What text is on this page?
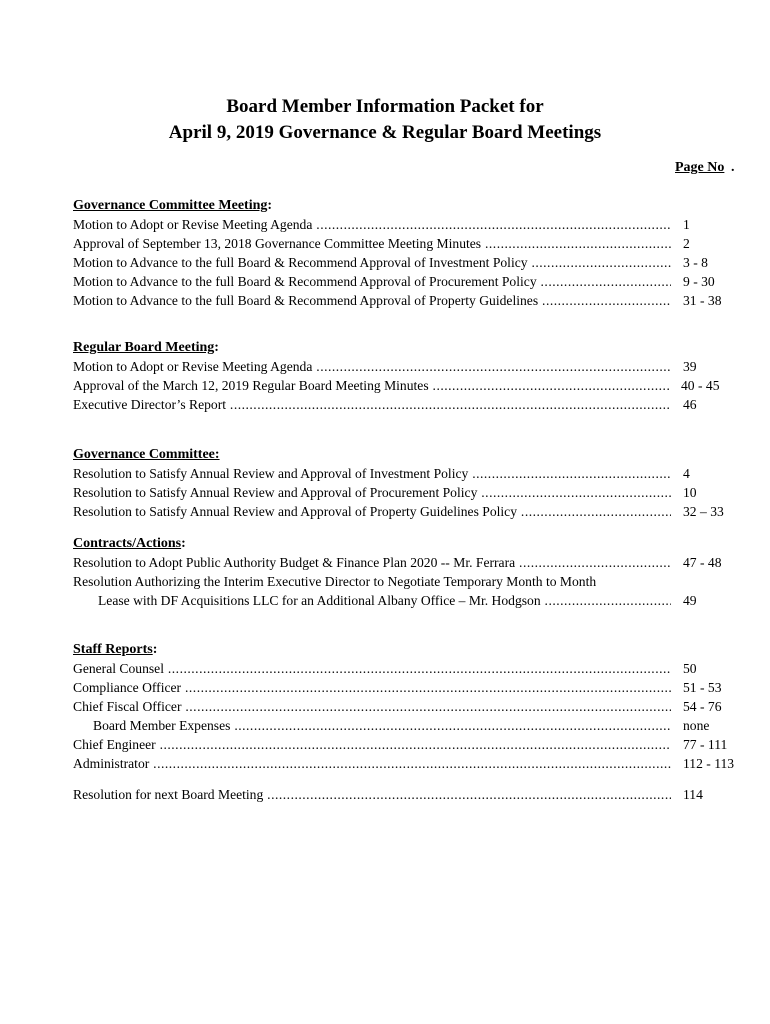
Board Member Information Packet for
April 9, 2019 Governance & Regular Board Meetings
Page No .
Governance Committee Meeting:
Motion to Adopt or Revise Meeting Agenda .....	1
Approval of September 13, 2018 Governance Committee Meeting Minutes .....	2
Motion to Advance to the full Board & Recommend Approval of Investment Policy .....	3 - 8
Motion to Advance to the full Board & Recommend Approval of Procurement Policy .....	9 - 30
Motion to Advance to the full Board & Recommend Approval of Property Guidelines .....	31 - 38
Regular Board Meeting:
Motion to Adopt or Revise Meeting Agenda .....	39
Approval of the March 12, 2019 Regular Board Meeting Minutes .....	40 - 45
Executive Director’s Report .....	46
Governance Committee:
Resolution to Satisfy Annual Review and Approval of Investment Policy .....	4
Resolution to Satisfy Annual Review and Approval of Procurement Policy .....	10
Resolution to Satisfy Annual Review and Approval of Property Guidelines Policy .....	32 – 33
Contracts/Actions:
Resolution to Adopt Public Authority Budget & Finance Plan 2020 -- Mr. Ferrara .....	47 - 48
Resolution Authorizing the Interim Executive Director to Negotiate Temporary Month to Month
Lease with DF Acquisitions LLC for an Additional Albany Office – Mr. Hodgson .....	49
Staff Reports:
General Counsel .....	50
Compliance Officer .....	51 - 53
Chief Fiscal Officer .....	54 - 76
Board Member Expenses .....	none
Chief Engineer .....	77 - 111
Administrator .....	112 - 113
Resolution for next Board Meeting .....	114
